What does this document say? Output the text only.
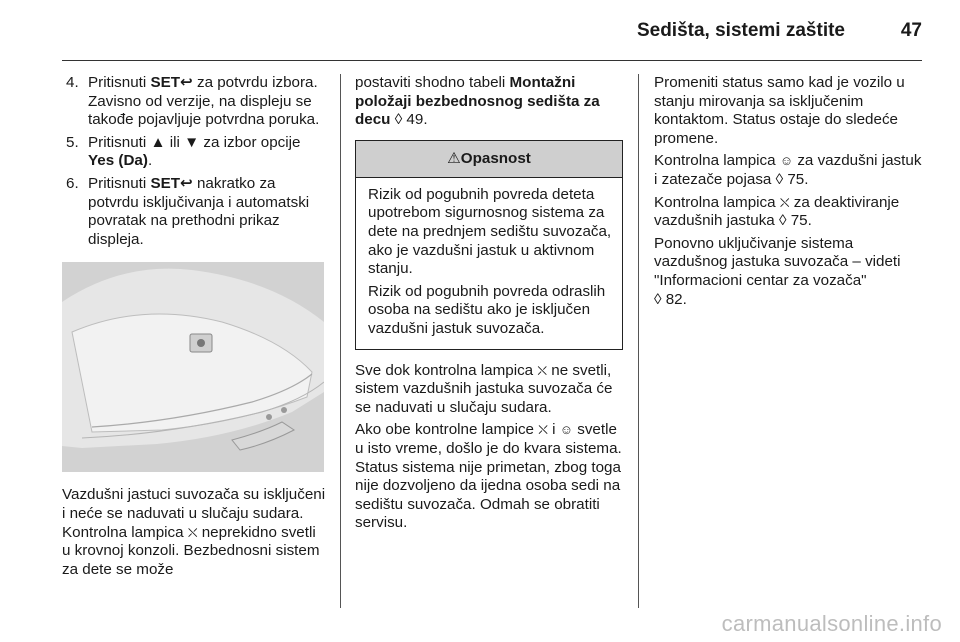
Sedišta, sistemi zaštite	47
4. Pritisnuti SET↩ za potvrdu izbora. Zavisno od verzije, na displeju se takođe pojavljuje potvrdna poruka.
5. Pritisnuti ▲ ili ▼ za izbor opcije Yes (Da).
6. Pritisnuti SET↩ nakratko za potvrdu isključivanja i automatski povratak na prethodni prikaz displeja.

Vazdušni jastuci suvozača su isključeni i neće se naduvati u slučaju sudara. Kontrolna lampica ⛌ neprekidno svetli u krovnoj konzoli. Bezbednosni sistem za dete se može

postaviti shodno tabeli Montažni položaji bezbednosnog sedišta za decu ◊ 49.

⚠Opasnost

Rizik od pogubnih povreda deteta upotrebom sigurnosnog sistema za dete na prednjem sedištu suvozača, ako je vazdušni jastuk u aktivnom stanju.

Rizik od pogubnih povreda odraslih osoba na sedištu ako je isključen vazdušni jastuk suvozača.

Sve dok kontrolna lampica ⛌ ne svetli, sistem vazdušnih jastuka suvozača će se naduvati u slučaju sudara.

Ako obe kontrolne lampice ⛌ i ☺ svetle u isto vreme, došlo je do kvara sistema. Status sistema nije primetan, zbog toga nije dozvoljeno da ijedna osoba sedi na sedištu suvozača. Odmah se obratiti servisu.

Promeniti status samo kad je vozilo u stanju mirovanja sa isključenim kontaktom. Status ostaje do sledeće promene.

Kontrolna lampica ☺ za vazdušni jastuk i zatezače pojasa ◊ 75.

Kontrolna lampica ⛌ za deaktiviranje vazdušnih jastuka ◊ 75.

Ponovno uključivanje sistema vazdušnog jastuka suvozača – videti "Informacioni centar za vozača"
◊ 82.

carmanualsonline.info
